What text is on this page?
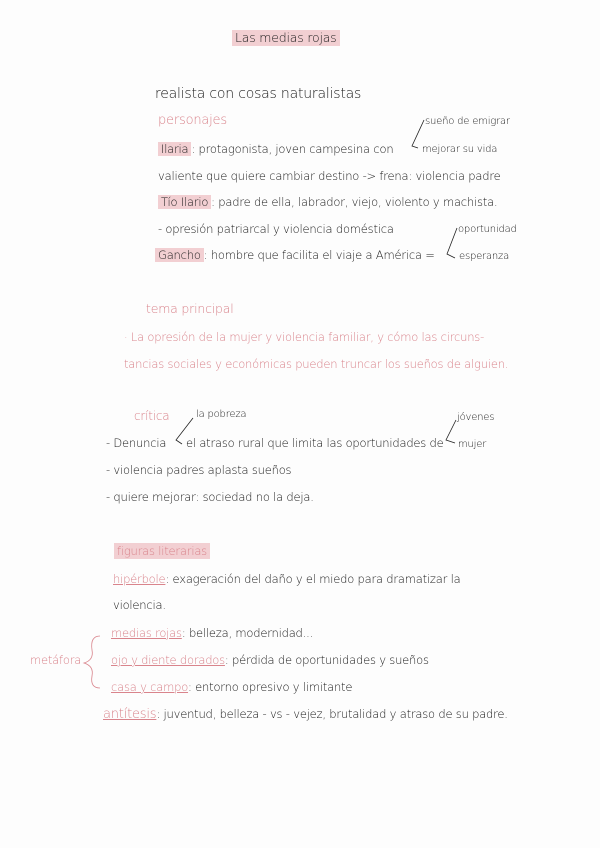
Las medias rojas
realista con cosas naturalistas
personajes	sueño de emigrar
Ilaria : protagonista, joven campesina con	mejorar su vida
valiente que quiere cambiar destino -> frena: violencia padre
Tío Ilario : padre de ella, labrador, viejo, violento y machista.
- opresión patriarcal y violencia doméstica	oportunidad
Gancho : hombre que facilita el viaje a América = esperanza
tema principal
· La opresión de la mujer y violencia familiar, y cómo las circuns-
tancias sociales y económicas pueden truncar los sueños de alguien.
crítica	la pobreza	jóvenes
- Denuncia el atraso rural que limita las oportunidades de mujer
- violencia padres aplasta sueños
- quiere mejorar: sociedad no la deja.
figuras literarias
hipérbole: exageración del daño y el miedo para dramatizar la
violencia.
metáfora
medias rojas: belleza, modernidad...
ojo y diente dorados: pérdida de oportunidades y sueños
casa y campo: entorno opresivo y limitante
antítesis: juventud, belleza - vs - vejez, brutalidad y atraso de su padre.
